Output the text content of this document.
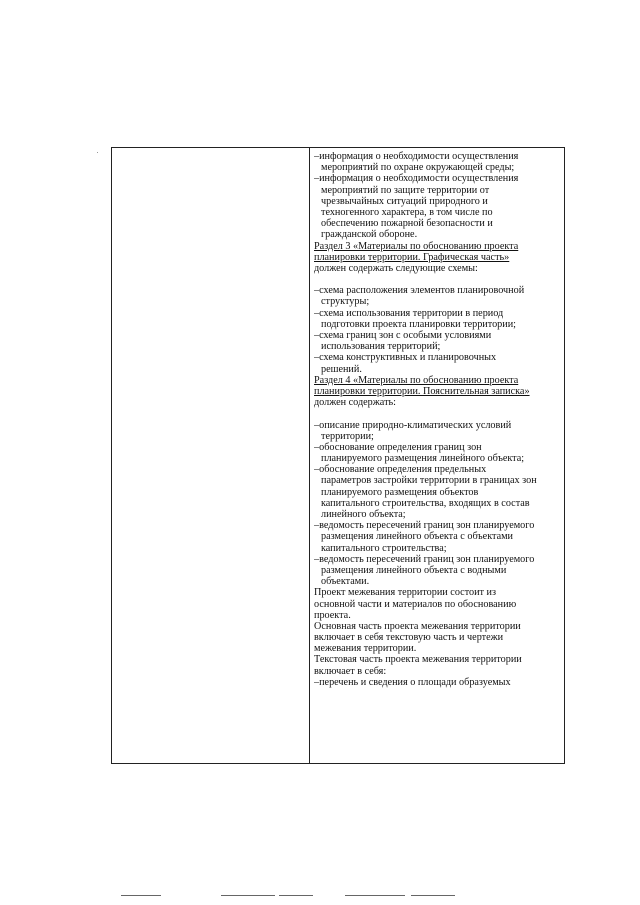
–информация о необходимости осуществления
мероприятий по охране окружающей среды;
–информация о необходимости осуществления
мероприятий по защите территории от
чрезвычайных ситуаций природного и
техногенного характера, в том числе по
обеспечению пожарной безопасности и
гражданской обороне.
Раздел 3 «Материалы по обоснованию проекта
планировки территории. Графическая часть»
должен содержать следующие схемы:
–схема расположения элементов планировочной
структуры;
–схема использования территории в период
подготовки проекта планировки территории;
–схема границ зон с особыми условиями
использования территорий;
–схема конструктивных и планировочных
решений.
Раздел 4 «Материалы по обоснованию проекта
планировки территории. Пояснительная записка»
должен содержать:
–описание природно-климатических условий
территории;
–обоснование определения границ зон
планируемого размещения линейного объекта;
–обоснование определения предельных
параметров застройки территории в границах зон
планируемого размещения объектов
капитального строительства, входящих в состав
линейного объекта;
–ведомость пересечений границ зон планируемого
размещения линейного объекта с объектами
капитального строительства;
–ведомость пересечений границ зон планируемого
размещения линейного объекта с водными
объектами.
Проект межевания территории состоит из
основной части и материалов по обоснованию
проекта.
Основная часть проекта межевания территории
включает в себя текстовую часть и чертежи
межевания территории.
Текстовая часть проекта межевания территории
включает в себя:
–перечень и сведения о площади образуемых
